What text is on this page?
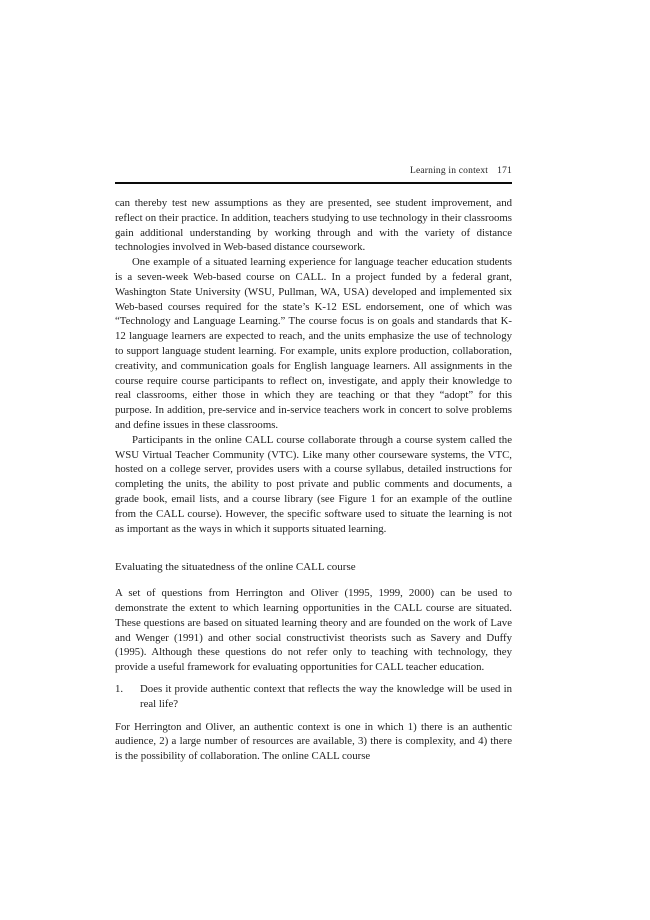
Learning in context 171

can thereby test new assumptions as they are presented, see student improvement, and reflect on their practice. In addition, teachers studying to use technology in their classrooms gain additional understanding by working through and with the variety of distance technologies involved in Web-based distance coursework.

One example of a situated learning experience for language teacher education students is a seven-week Web-based course on CALL. In a project funded by a federal grant, Washington State University (WSU, Pullman, WA, USA) developed and implemented six Web-based courses required for the state’s K-12 ESL endorsement, one of which was “Technology and Language Learning.” The course focus is on goals and standards that K-12 language learners are expected to reach, and the units emphasize the use of technology to support language student learning. For example, units explore production, collaboration, creativity, and communication goals for English language learners. All assignments in the course require course participants to reflect on, investigate, and apply their knowledge to real classrooms, either those in which they are teaching or that they “adopt” for this purpose. In addition, pre-service and in-service teachers work in concert to solve problems and define issues in these classrooms.

Participants in the online CALL course collaborate through a course system called the WSU Virtual Teacher Community (VTC). Like many other courseware systems, the VTC, hosted on a college server, provides users with a course syllabus, detailed instructions for completing the units, the ability to post private and public comments and documents, a grade book, email lists, and a course library (see Figure 1 for an example of the outline from the CALL course). However, the specific software used to situate the learning is not as important as the ways in which it supports situated learning.

Evaluating the situatedness of the online CALL course

A set of questions from Herrington and Oliver (1995, 1999, 2000) can be used to demonstrate the extent to which learning opportunities in the CALL course are situated. These questions are based on situated learning theory and are founded on the work of Lave and Wenger (1991) and other social constructivist theorists such as Savery and Duffy (1995). Although these questions do not refer only to teaching with technology, they provide a useful framework for evaluating opportunities for CALL teacher education.

1.	Does it provide authentic context that reflects the way the knowledge will be used in real life?

For Herrington and Oliver, an authentic context is one in which 1) there is an authentic audience, 2) a large number of resources are available, 3) there is complexity, and 4) there is the possibility of collaboration. The online CALL course
